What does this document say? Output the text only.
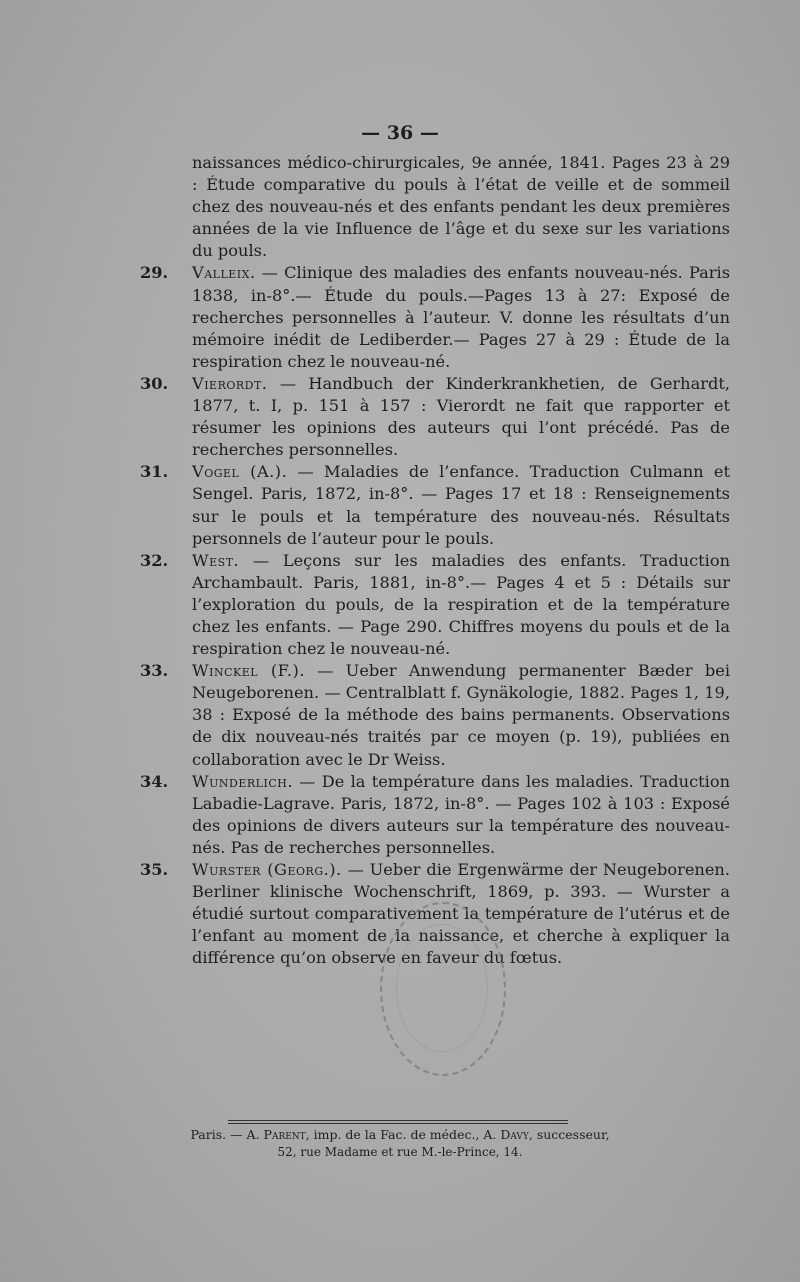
— 36 —

naissances médico-chirurgicales, 9e année, 1841. Pages 23 à 29 : Étude comparative du pouls à l’état de veille et de sommeil chez des nouveau-nés et des enfants pendant les deux premières années de la vie Influence de l’âge et du sexe sur les variations du pouls.

29. Valleix. — Clinique des maladies des enfants nouveau-nés. Paris 1838, in-8°.— Étude du pouls.—Pages 13 à 27: Exposé de recherches personnelles à l’auteur. V. donne les résultats d’un mémoire inédit de Lediberder.— Pages 27 à 29 : Étude de la respiration chez le nouveau-né.

30. Vierordt. — Handbuch der Kinderkrankhetien, de Gerhardt, 1877, t. I, p. 151 à 157 : Vierordt ne fait que rapporter et résumer les opinions des auteurs qui l’ont précédé. Pas de recherches personnelles.

31. Vogel (A.). — Maladies de l’enfance. Traduction Culmann et Sengel. Paris, 1872, in-8°. — Pages 17 et 18 : Renseignements sur le pouls et la température des nouveau-nés. Résultats personnels de l’auteur pour le pouls.

32. West. — Leçons sur les maladies des enfants. Traduction Archambault. Paris, 1881, in-8°.— Pages 4 et 5 : Détails sur l’exploration du pouls, de la respiration et de la température chez les enfants. — Page 290. Chiffres moyens du pouls et de la respiration chez le nouveau-né.

33. Winckel (F.). — Ueber Anwendung permanenter Bæder bei Neugeborenen. — Centralblatt f. Gynäkologie, 1882. Pages 1, 19, 38 : Exposé de la méthode des bains permanents. Observations de dix nouveau-nés traités par ce moyen (p. 19), publiées en collaboration avec le Dr Weiss.

34. Wunderlich. — De la température dans les maladies. Traduction Labadie-Lagrave. Paris, 1872, in-8°. — Pages 102 à 103 : Exposé des opinions de divers auteurs sur la température des nouveau-nés. Pas de recherches personnelles.

35. Wurster (Georg.). — Ueber die Ergenwärme der Neugeborenen. Berliner klinische Wochenschrift, 1869, p. 393. — Wurster a étudié surtout comparativement la température de l’utérus et de l’enfant au moment de la naissance, et cherche à expliquer la différence qu’on observe en faveur du fœtus.

Paris. — A. Parent, imp. de la Fac. de médec., A. Davy, successeur,
52, rue Madame et rue M.-le-Prince, 14.
